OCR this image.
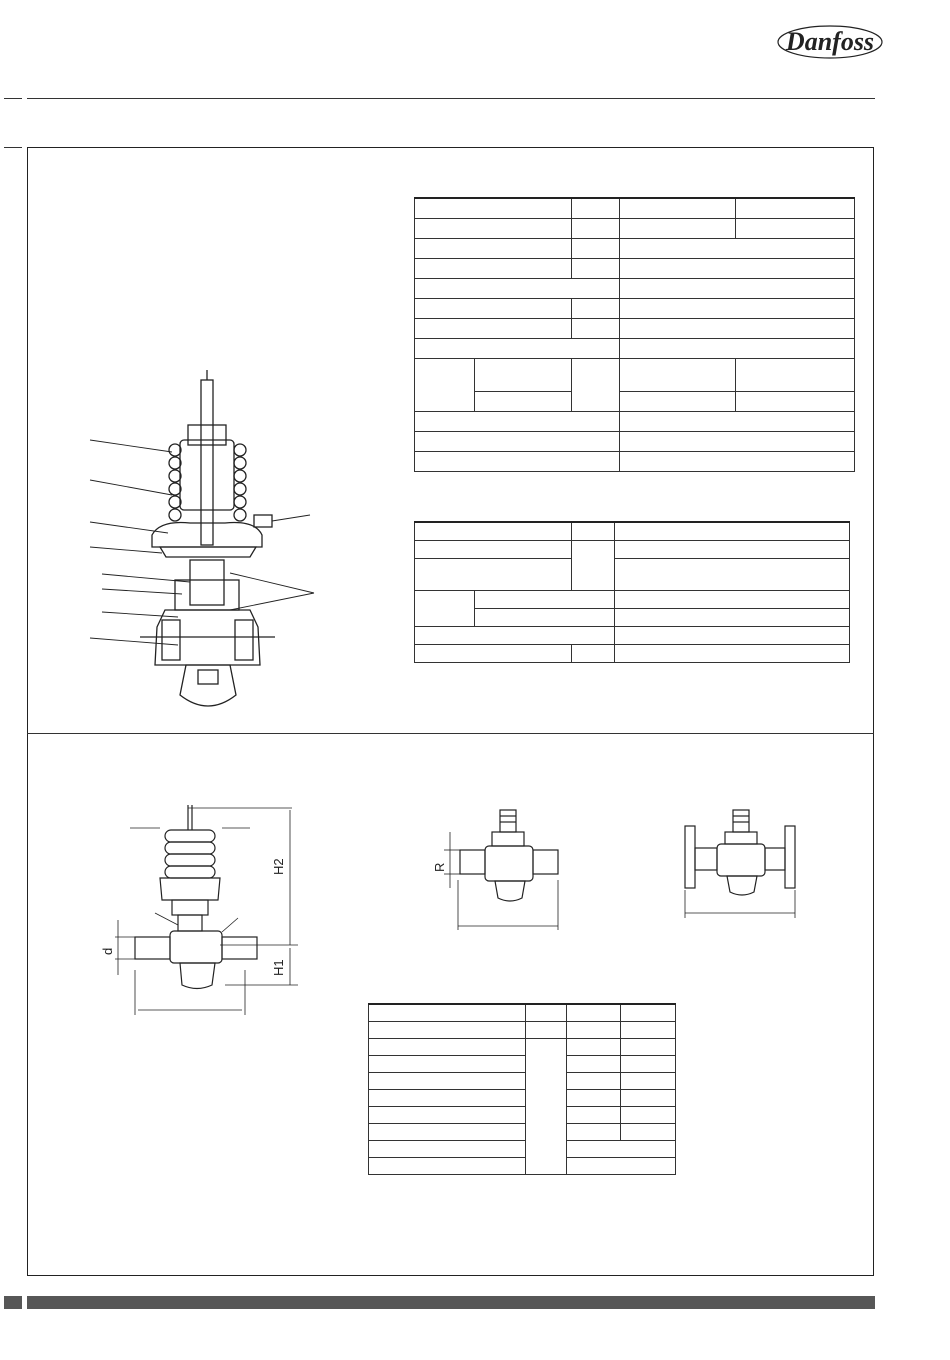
Danfoss

H2
H1
d
R
